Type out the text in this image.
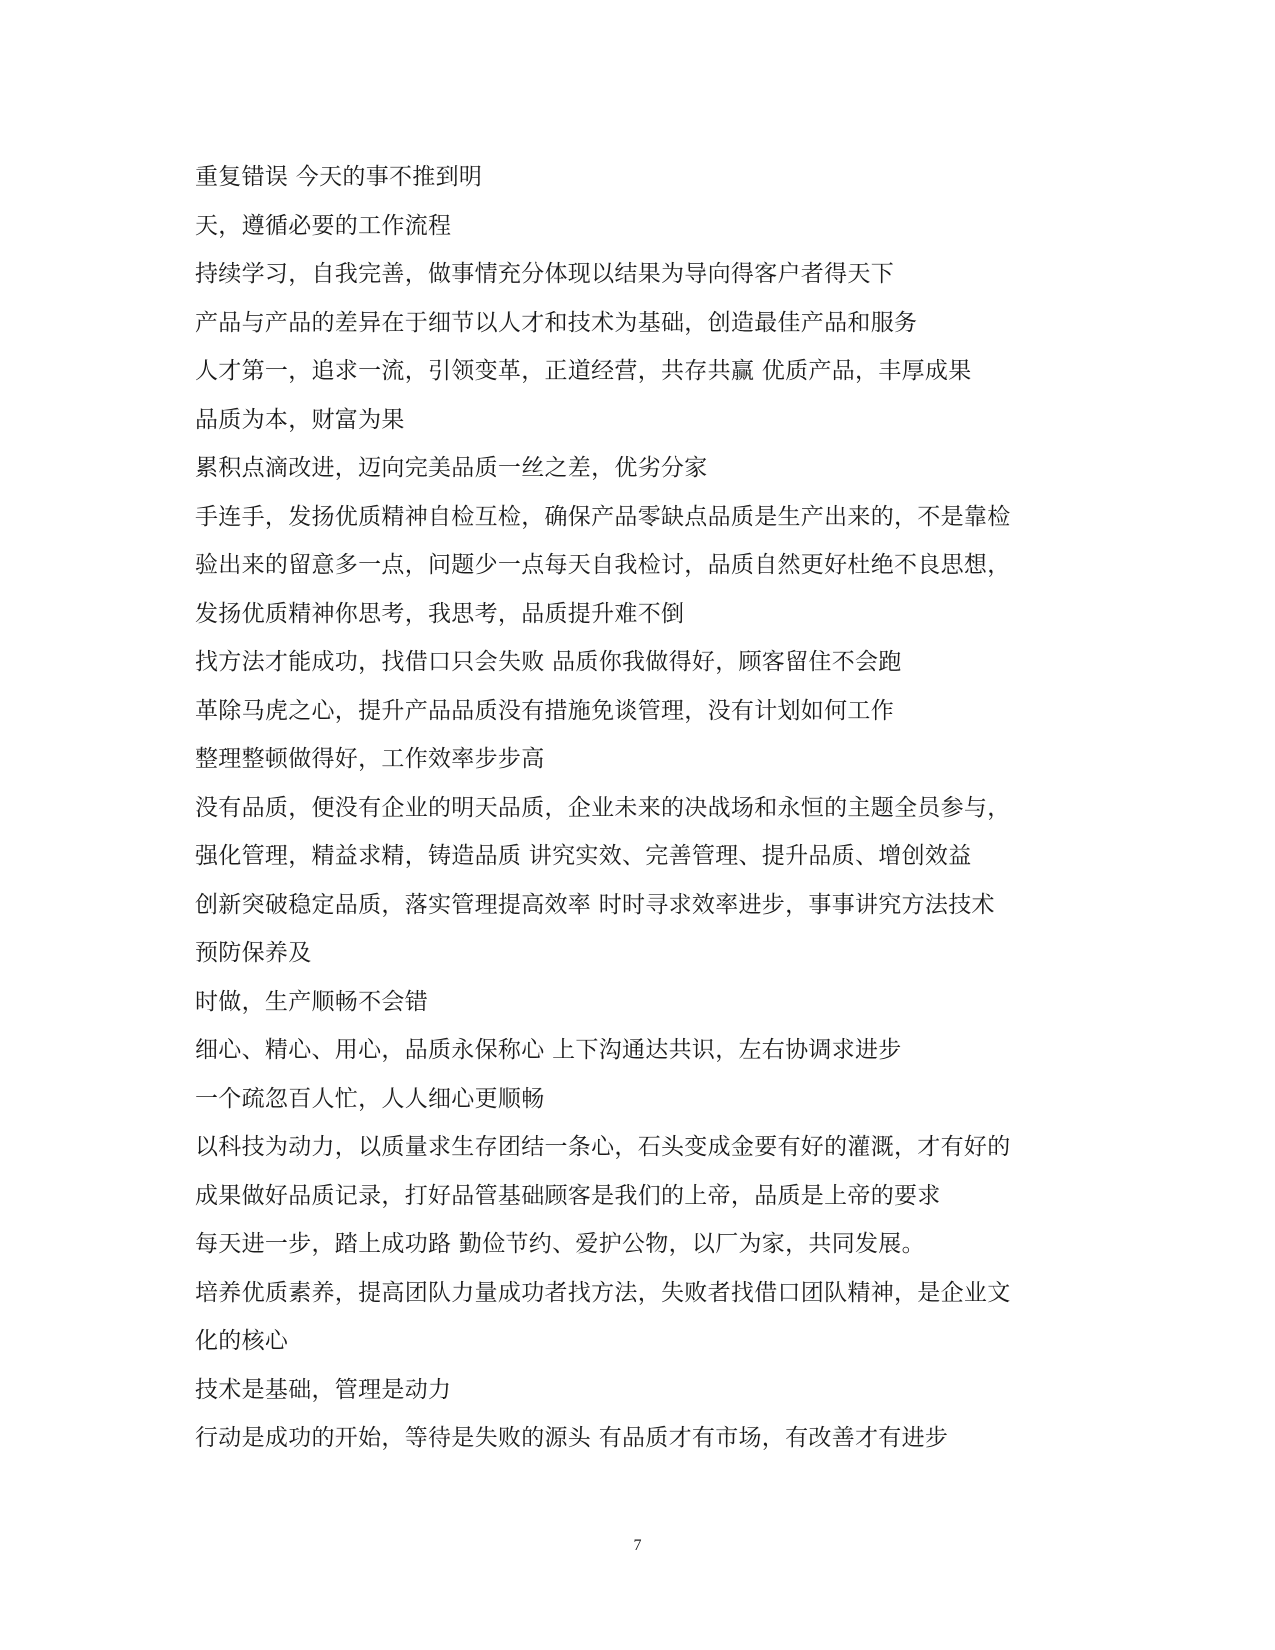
重复错误 今天的事不推到明
天，遵循必要的工作流程
持续学习，自我完善，做事情充分体现以结果为导向得客户者得天下
产品与产品的差异在于细节以人才和技术为基础，创造最佳产品和服务
人才第一，追求一流，引领变革，正道经营，共存共赢 优质产品，丰厚成果
品质为本，财富为果
累积点滴改进，迈向完美品质一丝之差，优劣分家
手连手，发扬优质精神自检互检，确保产品零缺点品质是生产出来的，不是靠检
验出来的留意多一点，问题少一点每天自我检讨，品质自然更好杜绝不良思想，
发扬优质精神你思考，我思考，品质提升难不倒
找方法才能成功，找借口只会失败 品质你我做得好，顾客留住不会跑
革除马虎之心，提升产品品质没有措施免谈管理，没有计划如何工作
整理整顿做得好，工作效率步步高
没有品质，便没有企业的明天品质，企业未来的决战场和永恒的主题全员参与，
强化管理，精益求精，铸造品质 讲究实效、完善管理、提升品质、增创效益
创新突破稳定品质，落实管理提高效率 时时寻求效率进步，事事讲究方法技术
预防保养及
时做，生产顺畅不会错
细心、精心、用心，品质永保称心 上下沟通达共识，左右协调求进步
一个疏忽百人忙，人人细心更顺畅
以科技为动力，以质量求生存团结一条心，石头变成金要有好的灌溉，才有好的
成果做好品质记录，打好品管基础顾客是我们的上帝，品质是上帝的要求
每天进一步，踏上成功路 勤俭节约、爱护公物，以厂为家，共同发展。
培养优质素养，提高团队力量成功者找方法，失败者找借口团队精神，是企业文
化的核心
技术是基础，管理是动力
行动是成功的开始，等待是失败的源头 有品质才有市场，有改善才有进步
7
